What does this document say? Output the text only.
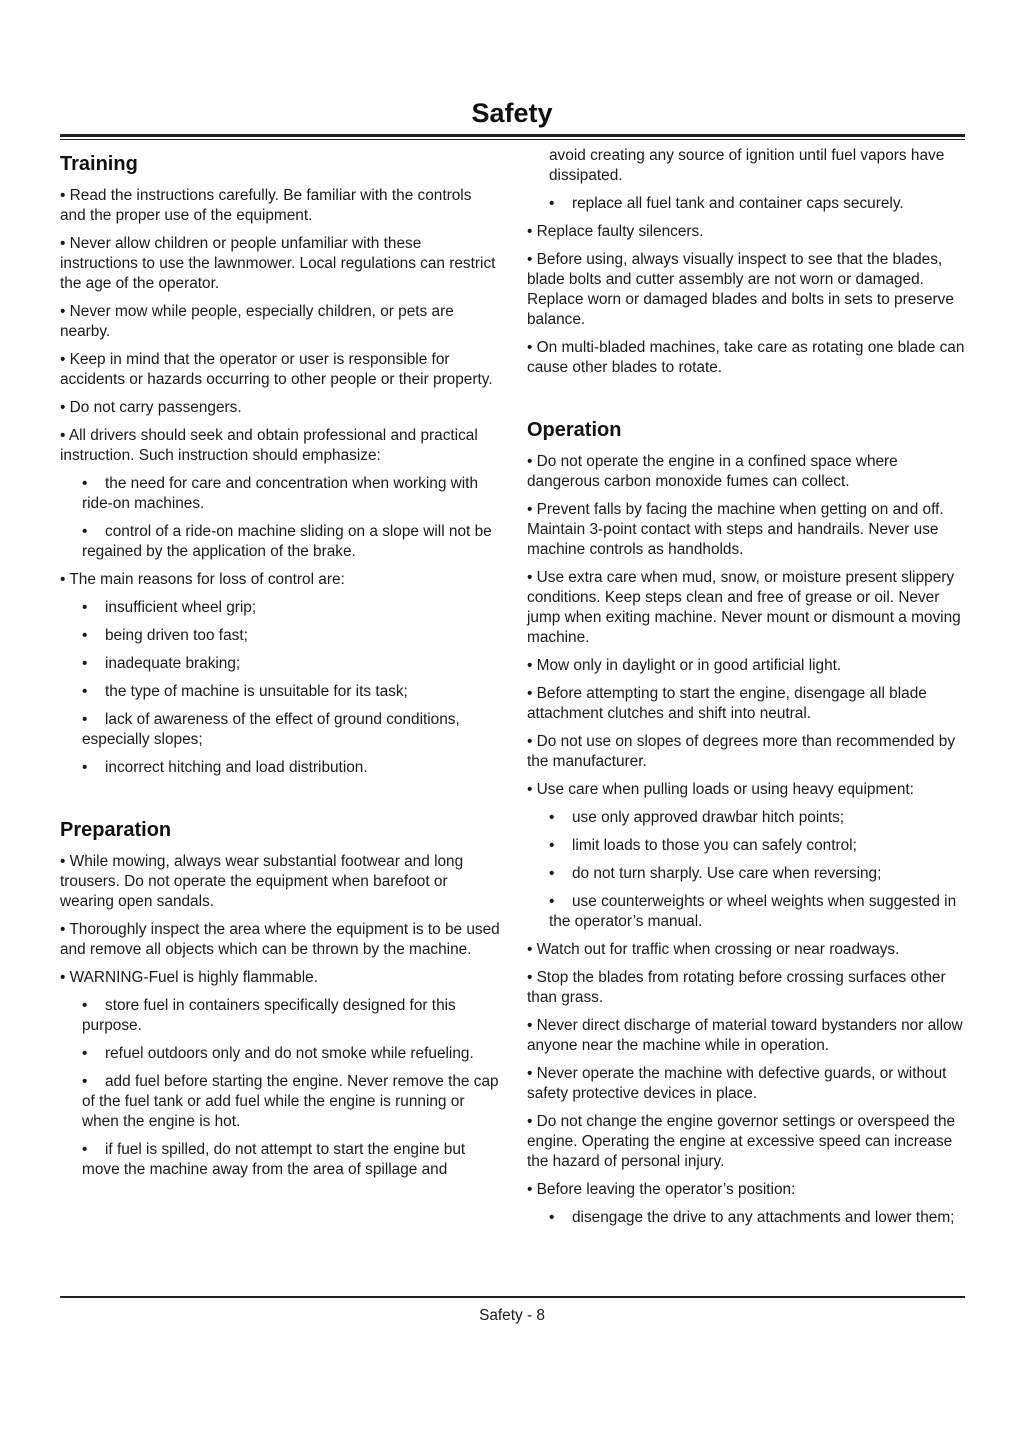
Safety
Training
• Read the instructions carefully. Be familiar with the controls and the proper use of the equipment.
• Never allow children or people unfamiliar with these instructions to use the lawnmower. Local regulations can restrict the age of the operator.
• Never mow while people, especially children, or pets are nearby.
• Keep in mind that the operator or user is responsible for accidents or hazards occurring to other people or their property.
• Do not carry passengers.
• All drivers should seek and obtain professional and practical instruction. Such instruction should emphasize:
• the need for care and concentration when working with ride-on machines.
• control of a ride-on machine sliding on a slope will not be regained by the application of the brake.
• The main reasons for loss of control are:
• insufficient wheel grip;
• being driven too fast;
• inadequate braking;
• the type of machine is unsuitable for its task;
• lack of awareness of the effect of ground conditions, especially slopes;
• incorrect hitching and load distribution.
Preparation
• While mowing, always wear substantial footwear and long trousers. Do not operate the equipment when barefoot or wearing open sandals.
• Thoroughly inspect the area where the equipment is to be used and remove all objects which can be thrown by the machine.
• WARNING-Fuel is highly flammable.
• store fuel in containers specifically designed for this purpose.
• refuel outdoors only and do not smoke while refueling.
• add fuel before starting the engine. Never remove the cap of the fuel tank or add fuel while the engine is running or when the engine is hot.
• if fuel is spilled, do not attempt to start the engine but move the machine away from the area of spillage and
avoid creating any source of ignition until fuel vapors have dissipated.
• replace all fuel tank and container caps securely.
• Replace faulty silencers.
• Before using, always visually inspect to see that the blades, blade bolts and cutter assembly are not worn or damaged. Replace worn or damaged blades and bolts in sets to preserve balance.
• On multi-bladed machines, take care as rotating one blade can cause other blades to rotate.
Operation
• Do not operate the engine in a confined space where dangerous carbon monoxide fumes can collect.
• Prevent falls by facing the machine when getting on and off. Maintain 3-point contact with steps and handrails. Never use machine controls as handholds.
• Use extra care when mud, snow, or moisture present slippery conditions. Keep steps clean and free of grease or oil. Never jump when exiting machine. Never mount or dismount a moving machine.
• Mow only in daylight or in good artificial light.
• Before attempting to start the engine, disengage all blade attachment clutches and shift into neutral.
• Do not use on slopes of degrees more than recommended by the manufacturer.
• Use care when pulling loads or using heavy equipment:
• use only approved drawbar hitch points;
• limit loads to those you can safely control;
• do not turn sharply. Use care when reversing;
• use counterweights or wheel weights when suggested in the operator’s manual.
• Watch out for traffic when crossing or near roadways.
• Stop the blades from rotating before crossing surfaces other than grass.
• Never direct discharge of material toward bystanders nor allow anyone near the machine while in operation.
• Never operate the machine with defective guards, or without safety protective devices in place.
• Do not change the engine governor settings or overspeed the engine. Operating the engine at excessive speed can increase the hazard of personal injury.
• Before leaving the operator’s position:
• disengage the drive to any attachments and lower them;
Safety - 8
